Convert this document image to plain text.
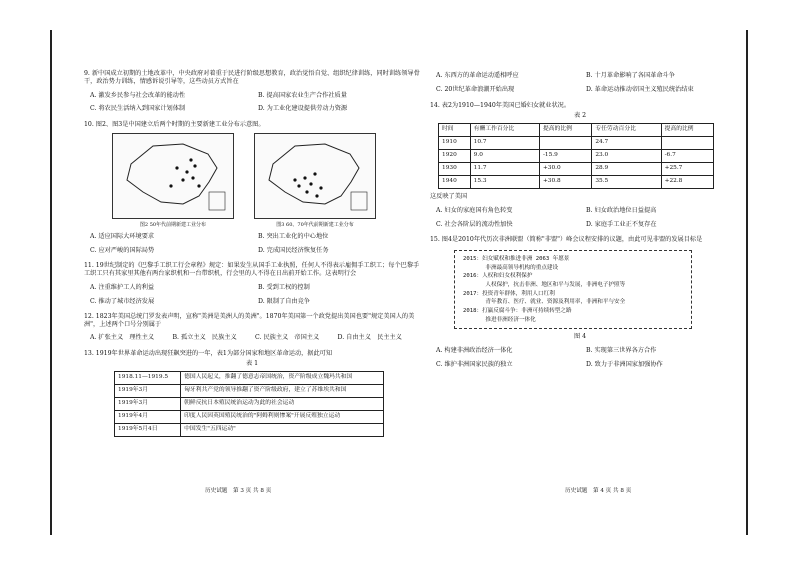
9. 新中国成立初期的土地改革中，中央政府对着重于民进行阶级思想教育，政治觉悟自觉、组织纪律训练，同时训练领导骨干，政治势力训练，情感诉说引导等，这些动员方式旨在

A. 激发乡民参与社会改革的能动性	B. 提高国家农业生产合作社质量
C. 将农民生活纳入到国家计划体制	D. 为工业化建设提供劳动力资源

10. 图2、图3是中国建立后两个时期的主要新建工业分布示意图。

图2 50年代前期新建工业分布	图3 60、70年代前期新建工业分布
A. 适应国际大环境要求	B. 突出工业化的中心地位
C. 应对严峻的国际局势	D. 完成国民经济恢复任务

11. 19世纪制定的《巴黎手工织工行会章程》规定：如果发生从国手工业执照，任何人不得表示雇佣手工织工；每个巴黎手工织工只有其家里其他有两台家织机和一台带织机，行会里的人不得在日出前开始工作。这表明行会

A. 注重维护工人的利益	B. 受到工权的控制
C. 推动了城市经济发展	D. 限制了自由竞争

12. 1823年美国总统门罗发表声明，宣称"美洲是美洲人的美洲"。1870年美国第一个政党提出美国也要"规定美国人的美洲"，上述两个口号分别属于

A. 扩张主义　理性主义	B. 孤立主义　民族主义	C. 民族主义　帝国主义	D. 自由主义　民主主义

13. 1919年世界革命运动出现狂飙突进的一年，表1为部分国家和地区革命运动，据此可知

表 1
1918.11—1919.5	德国人民起义，推翻了德意志帝国统治，资产阶级成立魏玛共和国
1919年3月	匈牙利共产党的领导推翻了资产阶级政府，建立了苏维埃共和国
1919年3月	朝鲜反抗日本殖民统治运动为此的社会运动
1919年4月	印度人民因英国殖民统治的"阿姆利则惨案"开展反殖独立运动
1919年5月4日	中国发生"五四运动"
历史试题　第 3 页 共 8 页
A. 东西方的革命运动遥相呼应	B. 十月革命影响了各国革命斗争
C. 20世纪革命浪潮开始出现	D. 革命运动推动帝国主义殖民统治结束

14. 表2为1910—1940年美国已婚妇女就业状况。

表 2
时间	有酬工作百分比	提高的比例	专任劳动百分比	提高的比例
1910	10.7		24.7	
1920	9.0	-15.9	23.0	-6.7
1930	11.7	+30.0	28.9	+25.7
1940	15.3	+30.8	35.5	+22.8

这反映了美国

A. 妇女的家庭国有角色转变	B. 妇女政治地位日益提高
C. 社会各阶层的流动性加快	D. 家庭手工业正不复存在

15. 图4是2010年代历次非洲联盟（简称"非盟"）峰会议程安排的议题，由此可见非盟的发展目标是

2015：妇女赋权和推进非洲 2063 年愿景
　　　　非洲最高领导机构的重点建设
2016：人权和妇女权利保护
　　　　人权保护，抗击非洲、地区和平与发展，非洲电子护照等
2017：投资青年群体，利用人口红利
　　　　青年教育、医疗、就业、资源及利用率，非洲和平与安全
2018：打赢反腐斗争：非洲可持续转型之路
　　　　推进非洲经济一体化
图 4
A. 构建非洲政治经济一体化	B. 实现第三世界各方合作
C. 维护非洲国家民族的独立	D. 致力于非洲国家加强协作
历史试题　第 4 页 共 8 页
